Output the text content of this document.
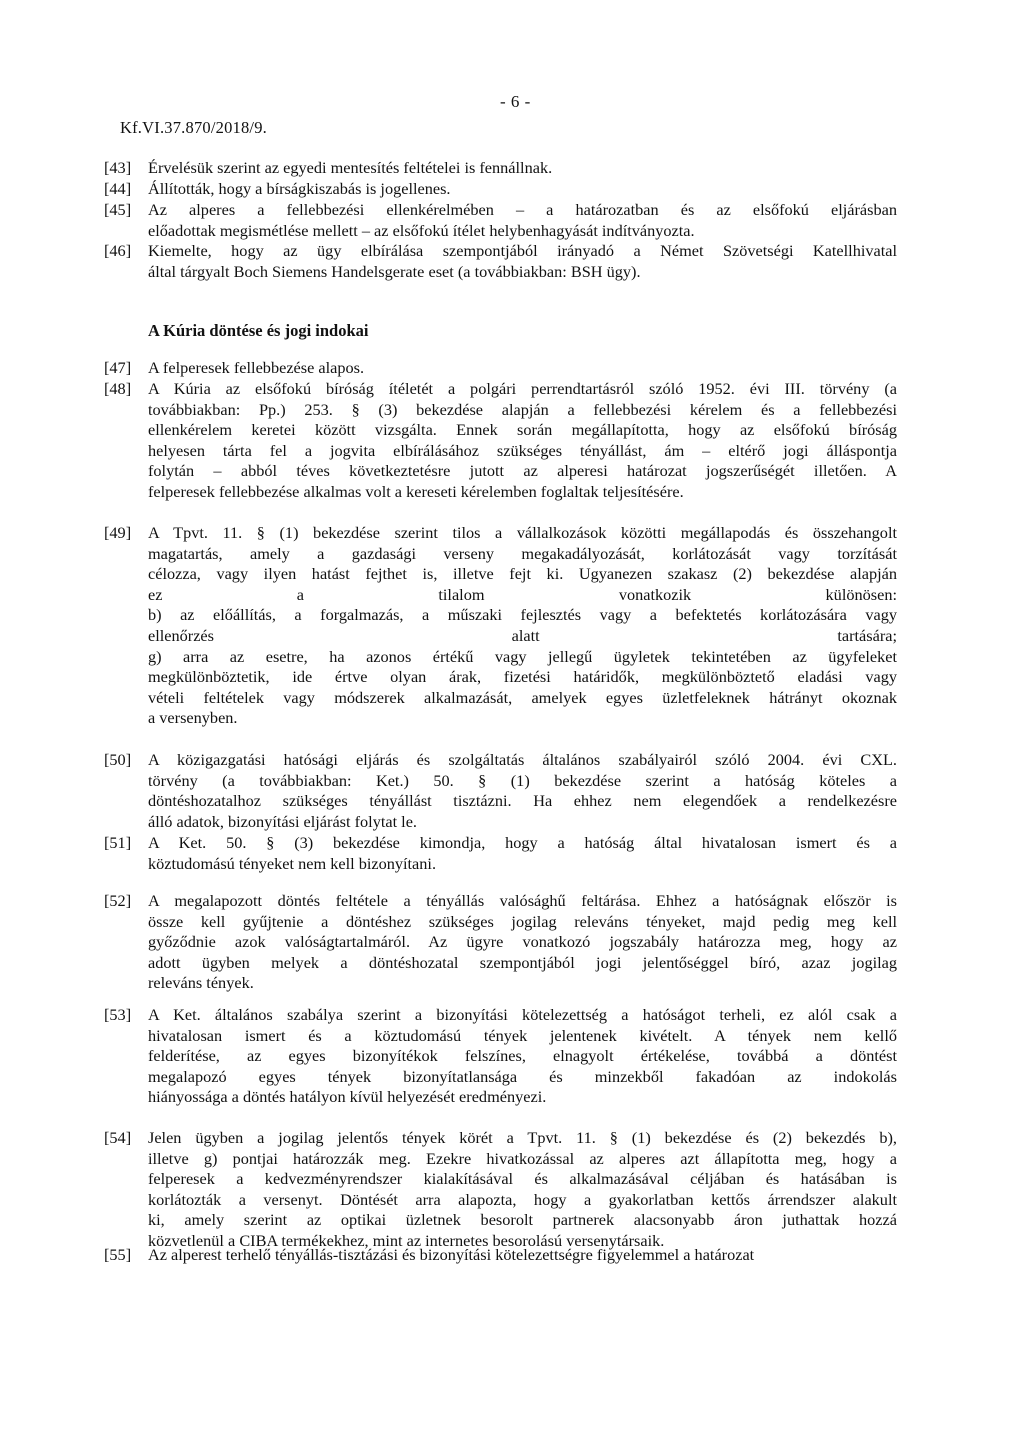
- 6 -
Kf.VI.37.870/2018/9.
A Kúria döntése és jogi indokai
[43]	Érvelésük szerint az egyedi mentesítés feltételei is fennállnak.
[44]	Állították, hogy a bírságkiszabás is jogellenes.
[45]	Az alperes a fellebbezési ellenkérelmében – a határozatban és az elsőfokú eljárásban
előadottak megismétlése mellett – az elsőfokú ítélet helybenhagyását indítványozta.
[46]	Kiemelte, hogy az ügy elbírálása szempontjából irányadó a Német Szövetségi Katellhivatal
által tárgyalt Boch Siemens Handelsgerate eset (a továbbiakban: BSH ügy).
[47]	A felperesek fellebbezése alapos.
[48]	A Kúria az elsőfokú bíróság ítéletét a polgári perrendtartásról szóló 1952. évi III. törvény (a
továbbiakban: Pp.) 253. § (3) bekezdése alapján a fellebbezési kérelem és a fellebbezési
ellenkérelem keretei között vizsgálta. Ennek során megállapította, hogy az elsőfokú bíróság
helyesen tárta fel a jogvita elbírálásához szükséges tényállást, ám – eltérő jogi álláspontja
folytán – abból téves következtetésre jutott az alperesi határozat jogszerűségét illetően. A
felperesek fellebbezése alkalmas volt a kereseti kérelemben foglaltak teljesítésére.
[49]	A Tpvt. 11. § (1) bekezdése szerint tilos a vállalkozások közötti megállapodás és összehangolt
magatartás, amely a gazdasági verseny megakadályozását, korlátozását vagy torzítását
célozza, vagy ilyen hatást fejthet is, illetve fejt ki. Ugyanezen szakasz (2) bekezdése alapján
ez a tilalom vonatkozik különösen:
b) az előállítás, a forgalmazás, a műszaki fejlesztés vagy a befektetés korlátozására vagy
ellenőrzés alatt tartására;
g) arra az esetre, ha azonos értékű vagy jellegű ügyletek tekintetében az ügyfeleket
megkülönböztetik, ide értve olyan árak, fizetési határidők, megkülönböztető eladási vagy
vételi feltételek vagy módszerek alkalmazását, amelyek egyes üzletfeleknek hátrányt okoznak
a versenyben.
[50]	A közigazgatási hatósági eljárás és szolgáltatás általános szabályairól szóló 2004. évi CXL.
törvény (a továbbiakban: Ket.) 50. § (1) bekezdése szerint a hatóság köteles a
döntéshozatalhoz szükséges tényállást tisztázni. Ha ehhez nem elegendőek a rendelkezésre
álló adatok, bizonyítási eljárást folytat le.
[51]	A Ket. 50. § (3) bekezdése kimondja, hogy a hatóság által hivatalosan ismert és a
köztudomású tényeket nem kell bizonyítani.
[52]	A megalapozott döntés feltétele a tényállás valósághű feltárása. Ehhez a hatóságnak először is
össze kell gyűjtenie a döntéshez szükséges jogilag releváns tényeket, majd pedig meg kell
győződnie azok valóságtartalmáról. Az ügyre vonatkozó jogszabály határozza meg, hogy az
adott ügyben melyek a döntéshozatal szempontjából jogi jelentőséggel bíró, azaz jogilag
releváns tények.
[53]	A Ket. általános szabálya szerint a bizonyítási kötelezettség a hatóságot terheli, ez alól csak a
hivatalosan ismert és a köztudomású tények jelentenek kivételt. A tények nem kellő
felderítése, az egyes bizonyítékok felszínes, elnagyolt értékelése, továbbá a döntést
megalapozó egyes tények bizonyítatlansága és minzekből fakadóan az indokolás
hiányossága a döntés hatályon kívül helyezését eredményezi.
[54]	Jelen ügyben a jogilag jelentős tények körét a Tpvt. 11. § (1) bekezdése és (2) bekezdés b),
illetve g) pontjai határozzák meg. Ezekre hivatkozással az alperes azt állapította meg, hogy a
felperesek a kedvezményrendszer kialakításával és alkalmazásával céljában és hatásában is
korlátozták a versenyt. Döntését arra alapozta, hogy a gyakorlatban kettős árrendszer alakult
ki, amely szerint az optikai üzletnek besorolt partnerek alacsonyabb áron juthattak hozzá
közvetlenül a CIBA termékekhez, mint az internetes besorolású versenytársaik.
[55]	Az alperest terhelő tényállás-tisztázási és bizonyítási kötelezettségre figyelemmel a határozat
